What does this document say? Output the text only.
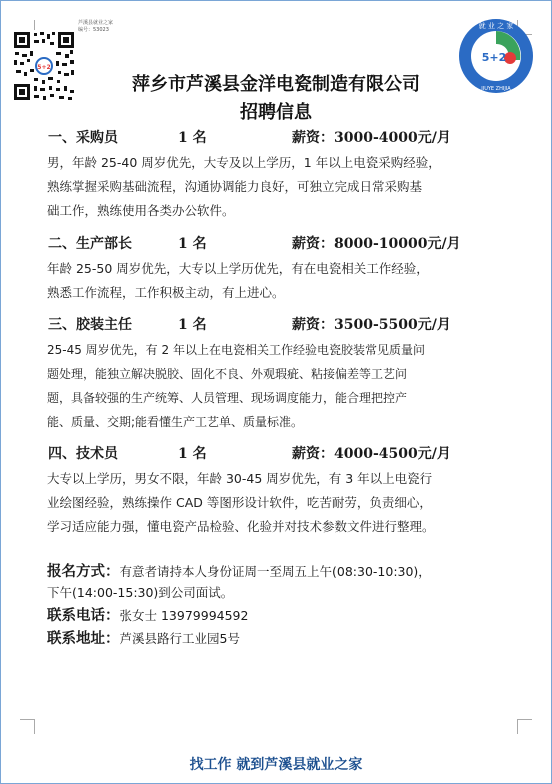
5+2
芦溪县就业之家
编号：53023
5+2
就 业 之 家
JIUYE ZHIJIA
萍乡市芦溪县金洋电瓷制造有限公司
招聘信息
一、采购员	1 名	薪资：3000-4000元/月
男，年龄 25-40 周岁优先，大专及以上学历，1 年以上电瓷采购经验，
熟练掌握采购基础流程，沟通协调能力良好，可独立完成日常采购基
础工作，熟练使用各类办公软件。
二、生产部长	1 名	薪资：8000-10000元/月
年龄 25-50 周岁优先，大专以上学历优先，有在电瓷相关工作经验，
熟悉工作流程，工作积极主动，有上进心。
三、胶装主任	1 名	薪资：3500-5500元/月
25-45 周岁优先，有 2 年以上在电瓷相关工作经验电瓷胶装常见质量问
题处理，能独立解决脱胶、固化不良、外观瑕疵、粘接偏差等工艺问
题，具备较强的生产统筹、人员管理、现场调度能力，能合理把控产
能、质量、交期;能看懂生产工艺单、质量标准。
四、技术员	1 名	薪资：4000-4500元/月
大专以上学历，男女不限，年龄 30-45 周岁优先，有 3 年以上电瓷行
业绘图经验，熟练操作 CAD 等图形设计软件，吃苦耐劳，负责细心，
学习适应能力强，懂电瓷产品检验、化验并对技术参数文件进行整理。
报名方式：有意者请持本人身份证周一至周五上午(08:30-10:30)，
下午(14:00-15:30)到公司面试。
联系电话：张女士 13979994592
联系地址：芦溪县路行工业园5号
找工作 就到芦溪县就业之家
